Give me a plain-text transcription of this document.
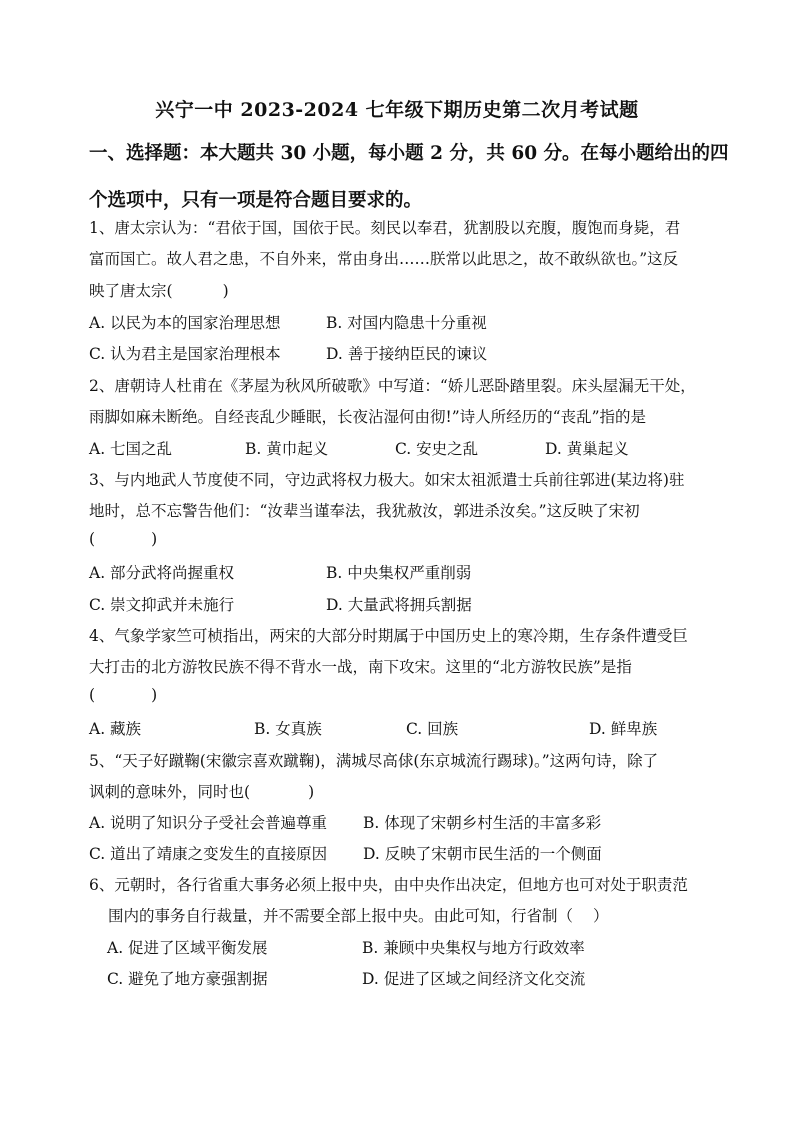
兴宁一中 2023-2024 七年级下期历史第二次月考试题
一、选择题：本大题共 30 小题，每小题 2 分，共 60 分。在每小题给出的四
个选项中，只有一项是符合题目要求的。
1、唐太宗认为：“君依于国，国依于民。刻民以奉君，犹割股以充腹，腹饱而身毙，君
富而国亡。故人君之患，不自外来，常由身出……朕常以此思之，故不敢纵欲也。”这反
映了唐太宗(	)
A. 以民为本的国家治理思想	B. 对国内隐患十分重视
C. 认为君主是国家治理根本	D. 善于接纳臣民的谏议
2、唐朝诗人杜甫在《茅屋为秋风所破歌》中写道：“娇儿恶卧踏里裂。床头屋漏无干处，
雨脚如麻未断绝。自经丧乱少睡眠，长夜沾湿何由彻!”诗人所经历的“丧乱”指的是
A. 七国之乱	B. 黄巾起义	C. 安史之乱	D. 黄巢起义
3、与内地武人节度使不同，守边武将权力极大。如宋太祖派遣士兵前往郭进(某边将)驻
地时，总不忘警告他们：“汝辈当谨奉法，我犹赦汝，郭进杀汝矣。”这反映了宋初
(	)
A. 部分武将尚握重权	B. 中央集权严重削弱
C. 崇文抑武并未施行	D. 大量武将拥兵割据
4、气象学家竺可桢指出，两宋的大部分时期属于中国历史上的寒冷期，生存条件遭受巨
大打击的北方游牧民族不得不背水一战，南下攻宋。这里的“北方游牧民族”是指
(	)
A. 藏族	B. 女真族	C. 回族	D. 鲜卑族
5、“天子好蹴鞠(宋徽宗喜欢蹴鞠)，满城尽高俅(东京城流行踢球)。”这两句诗，除了
讽刺的意味外，同时也(	)
A. 说明了知识分子受社会普遍尊重 B. 体现了宋朝乡村生活的丰富多彩
C. 道出了靖康之变发生的直接原因 D. 反映了宋朝市民生活的一个侧面
6、元朝时，各行省重大事务必须上报中央，由中央作出决定，但地方也可对处于职责范
围内的事务自行裁量，并不需要全部上报中央。由此可知，行省制（ ）
A. 促进了区域平衡发展	B. 兼顾中央集权与地方行政效率
C. 避免了地方豪强割据	D. 促进了区域之间经济文化交流
